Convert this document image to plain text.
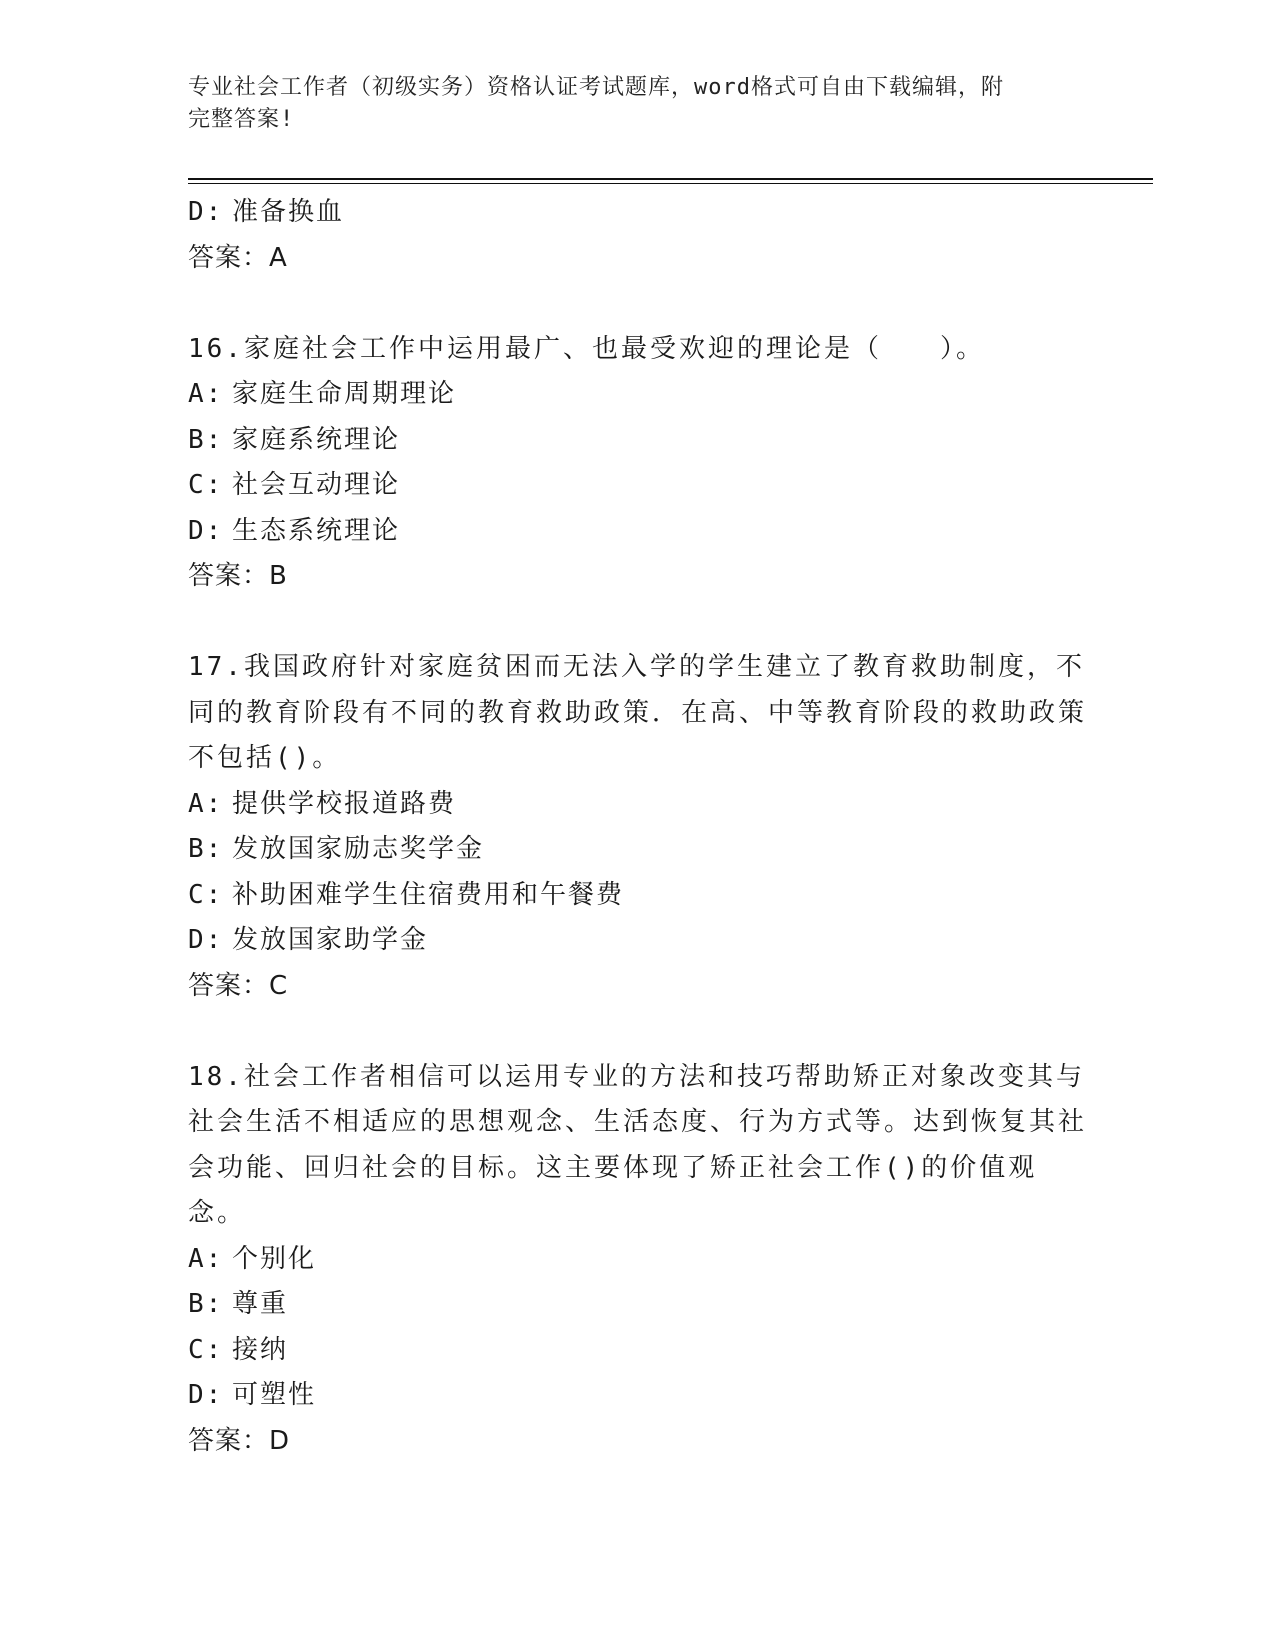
专业社会工作者（初级实务）资格认证考试题库，word格式可自由下载编辑，附
完整答案!
D: 准备换血
答案：A
16.家庭社会工作中运用最广、也最受欢迎的理论是（　　）。
A: 家庭生命周期理论
B: 家庭系统理论
C: 社会互动理论
D: 生态系统理论
答案：B
17.我国政府针对家庭贫困而无法入学的学生建立了教育救助制度，不同的教育阶段有不同的教育救助政策．在高、中等教育阶段的救助政策不包括()。
A: 提供学校报道路费
B: 发放国家励志奖学金
C: 补助困难学生住宿费用和午餐费
D: 发放国家助学金
答案：C
18.社会工作者相信可以运用专业的方法和技巧帮助矫正对象改变其与社会生活不相适应的思想观念、生活态度、行为方式等。达到恢复其社会功能、回归社会的目标。这主要体现了矫正社会工作()的价值观念。
A: 个别化
B: 尊重
C: 接纳
D: 可塑性
答案：D
